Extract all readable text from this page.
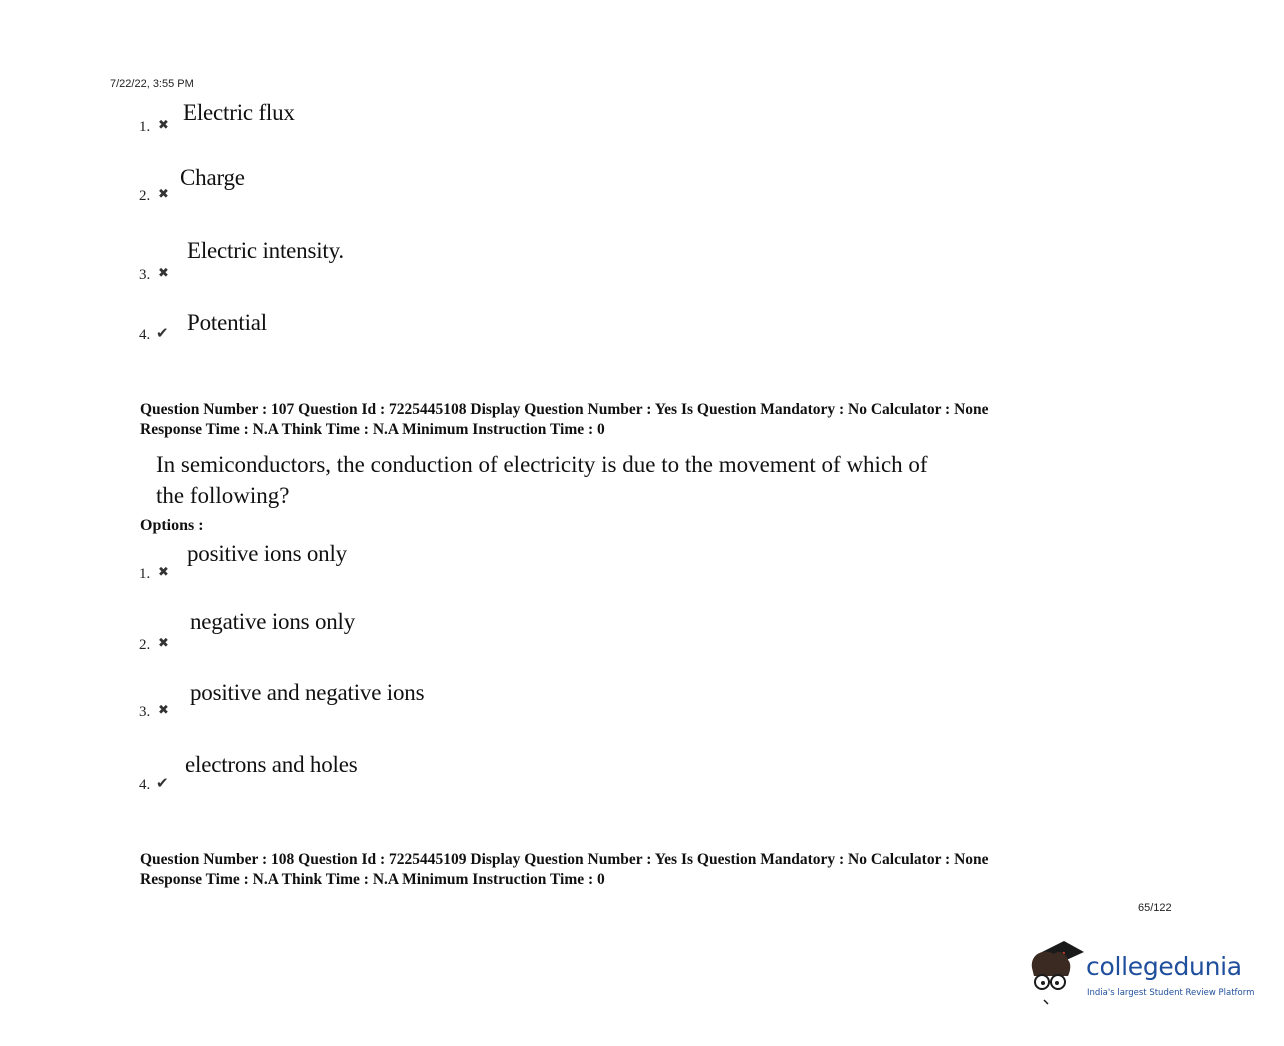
7/22/22, 3:55 PM
1. ✖ Electric flux
2. ✖
Charge
3. ✖
Electric intensity.
4. ✔ Potential
Question Number : 107 Question Id : 7225445108 Display Question Number : Yes Is Question Mandatory : No Calculator : None
Response Time : N.A Think Time : N.A Minimum Instruction Time : 0
In semiconductors, the conduction of electricity is due to the movement of which of
the following?
Options :
1. ✖
positive ions only
2. ✖
negative ions only
3. ✖
positive and negative ions
4. ✔
electrons and holes
Question Number : 108 Question Id : 7225445109 Display Question Number : Yes Is Question Mandatory : No Calculator : None
Response Time : N.A Think Time : N.A Minimum Instruction Time : 0
65/122
collegedunia
India's largest Student Review Platform
